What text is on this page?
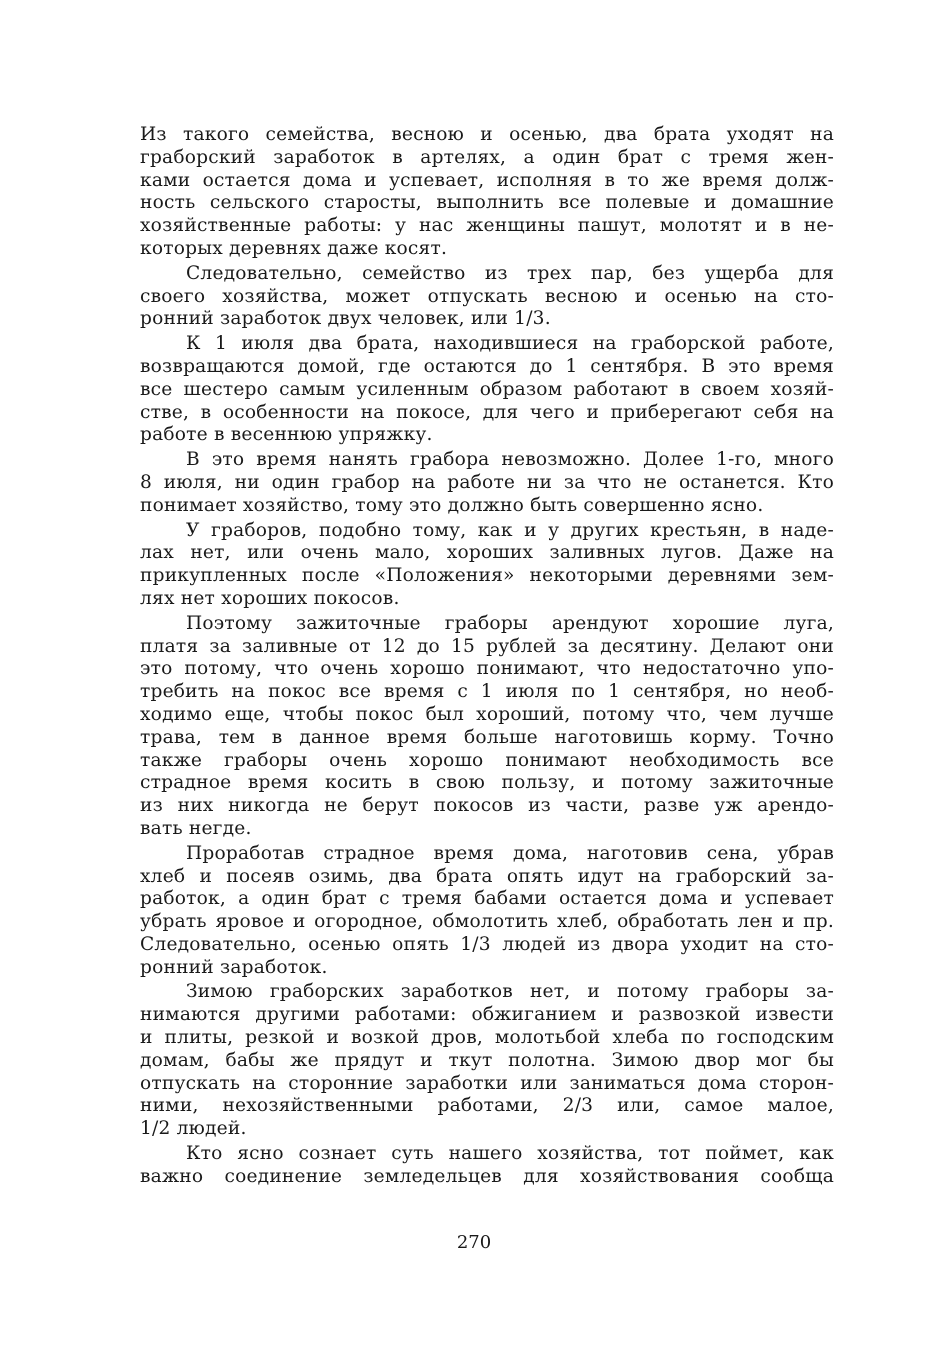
Из такого семейства, весною и осенью, два брата уходят на
граборский заработок в артелях, а один брат с тремя жен-
ками остается дома и успевает, исполняя в то же время долж-
ность сельского старосты, выполнить все полевые и домашние
хозяйственные работы: у нас женщины пашут, молотят и в не-
которых деревнях даже косят.

Следовательно, семейство из трех пар, без ущерба для
своего хозяйства, может отпускать весною и осенью на сто-
ронний заработок двух человек, или 1/3.

К 1 июля два брата, находившиеся на граборской работе,
возвращаются домой, где остаются до 1 сентября. В это время
все шестеро самым усиленным образом работают в своем хозяй-
стве, в особенности на покосе, для чего и приберегают себя на
работе в весеннюю упряжку.

В это время нанять грабора невозможно. Долее 1-го, много
8 июля, ни один грабор на работе ни за что не останется. Кто
понимает хозяйство, тому это должно быть совершенно ясно.

У граборов, подобно тому, как и у других крестьян, в наде-
лах нет, или очень мало, хороших заливных лугов. Даже на
прикупленных после «Положения» некоторыми деревнями зем-
лях нет хороших покосов.

Поэтому зажиточные граборы арендуют хорошие луга,
платя за заливные от 12 до 15 рублей за десятину. Делают они
это потому, что очень хорошо понимают, что недостаточно упо-
требить на покос все время с 1 июля по 1 сентября, но необ-
ходимо еще, чтобы покос был хороший, потому что, чем лучше
трава, тем в данное время больше наготовишь корму. Точно
также граборы очень хорошо понимают необходимость все
страдное время косить в свою пользу, и потому зажиточные
из них никогда не берут покосов из части, разве уж арендо-
вать негде.

Проработав страдное время дома, наготовив сена, убрав
хлеб и посеяв озимь, два брата опять идут на граборский за-
работок, а один брат с тремя бабами остается дома и успевает
убрать яровое и огородное, обмолотить хлеб, обработать лен и пр.
Следовательно, осенью опять 1/3 людей из двора уходит на сто-
ронний заработок.

Зимою граборских заработков нет, и потому граборы за-
нимаются другими работами: обжиганием и развозкой извести
и плиты, резкой и возкой дров, молотьбой хлеба по господским
домам, бабы же прядут и ткут полотна. Зимою двор мог бы
отпускать на сторонние заработки или заниматься дома сторон-
ними, нехозяйственными работами, 2/3 или, самое малое,
1/2 людей.

Кто ясно сознает суть нашего хозяйства, тот поймет, как
важно соединение земледельцев для хозяйствования сообща

270
